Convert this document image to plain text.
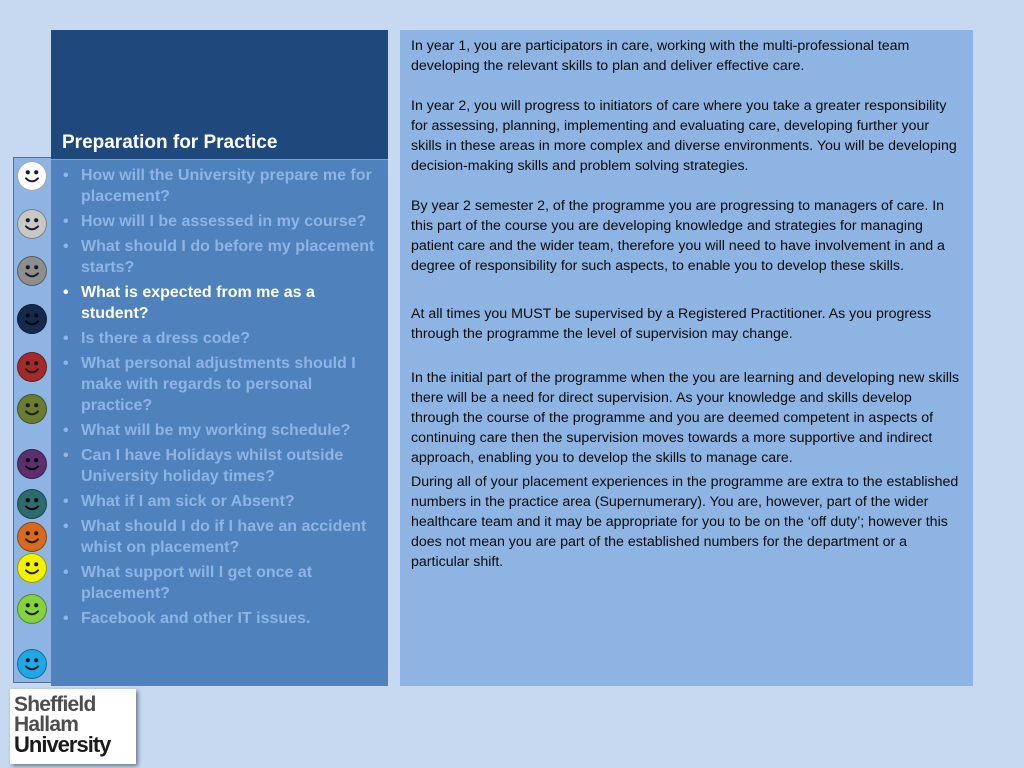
Preparation for Practice
• How will the University prepare me for placement?
• How will I be assessed in my course?
• What should I do before my placement starts?
• What is expected from me as a student?
• Is there a dress code?
• What personal adjustments should I make with regards to personal practice?
• What will be my working schedule?
• Can I have Holidays whilst outside University holiday times?
• What if I am sick or Absent?
• What should I do if I have an accident whist on placement?
• What support will I get once at placement?
• Facebook and other IT issues.

In year 1, you are participators in care, working with the multi-professional team developing the relevant skills to plan and deliver effective care.

In year 2, you will progress to initiators of care where you take a greater responsibility for assessing, planning, implementing and evaluating care, developing further your skills in these areas in more complex and diverse environments. You will be developing decision-making skills and problem solving strategies.

By year 2 semester 2, of the programme you are progressing to managers of care. In this part of the course you are developing knowledge and strategies for managing patient care and the wider team, therefore you will need to have involvement in and a degree of responsibility for such aspects, to enable you to develop these skills.

At all times you MUST be supervised by a Registered Practitioner. As you progress through the programme the level of supervision may change.

In the initial part of the programme when the you are learning and developing new skills there will be a need for direct supervision. As your knowledge and skills develop through the course of the programme and you are deemed competent in aspects of continuing care then the supervision moves towards a more supportive and indirect approach, enabling you to develop the skills to manage care.

During all of your placement experiences in the programme are extra to the established numbers in the practice area (Supernumerary). You are, however, part of the wider healthcare team and it may be appropriate for you to be on the ‘off duty’; however this does not mean you are part of the established numbers for the department or a particular shift.

Sheffield
Hallam
University
